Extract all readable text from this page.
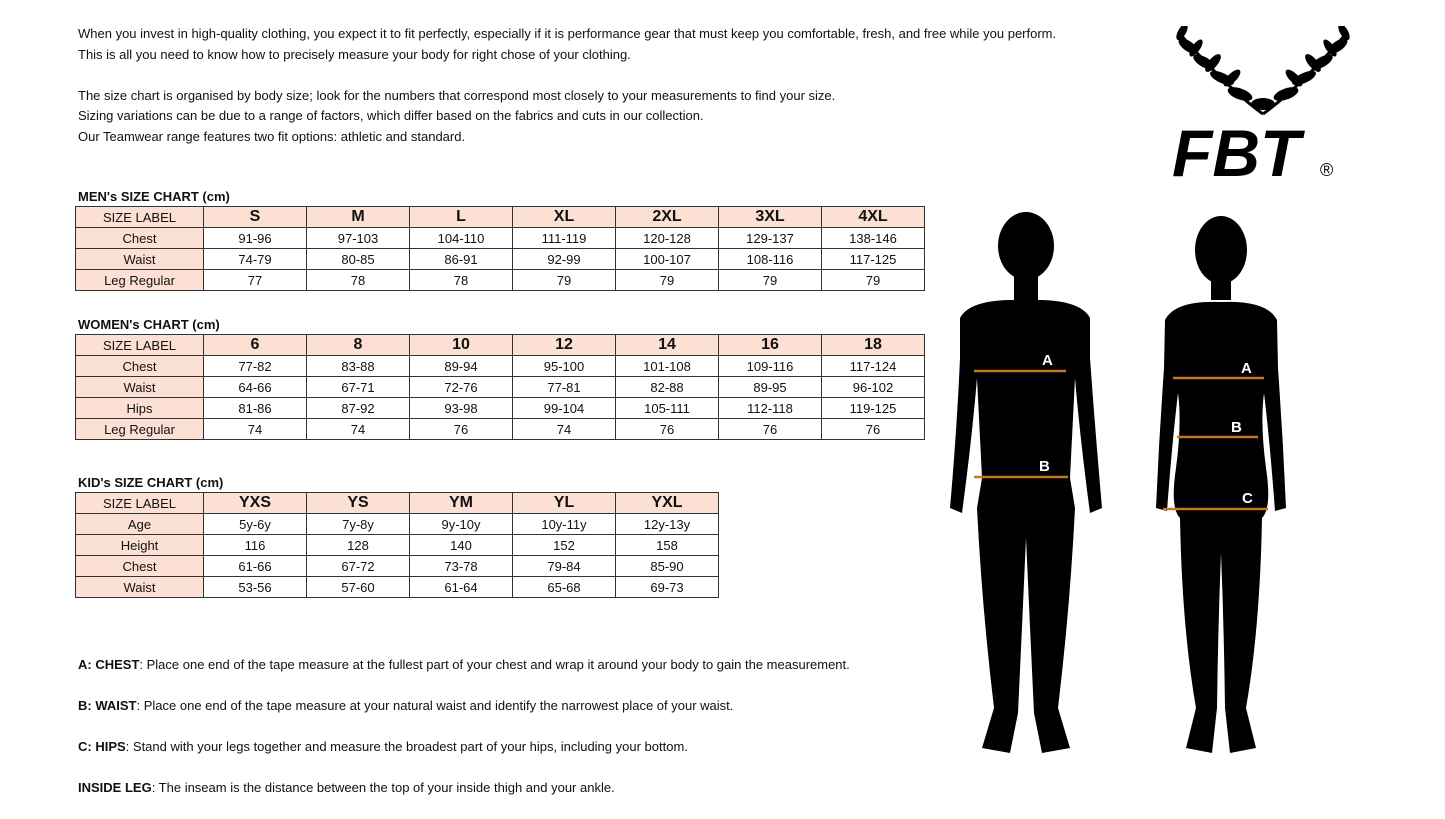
When you invest in high-quality clothing, you expect it to fit perfectly, especially if it is performance gear that must keep you comfortable, fresh, and free while you perform.

This is all you need to know how to precisely measure your body for right chose of your clothing.

The size chart is organised by body size; look for the numbers that correspond most closely to your measurements to find your size.

Sizing variations can be due to a range of factors, which differ based on the fabrics and cuts in our collection.

Our Teamwear range features two fit options: athletic and standard.	FBT ®
MEN's SIZE CHART (cm)
SIZE LABEL	S	M	L	XL	2XL	3XL	4XL
Chest	91-96	97-103	104-110	111-119	120-128	129-137	138-146
Waist	74-79	80-85	86-91	92-99	100-107	108-116	117-125
Leg Regular	77	78	78	79	79	79	79
WOMEN's CHART (cm)
SIZE LABEL	6	8	10	12	14	16	18
Chest	77-82	83-88	89-94	95-100	101-108	109-116	117-124
Waist	64-66	67-71	72-76	77-81	82-88	89-95	96-102
Hips	81-86	87-92	93-98	99-104	105-111	112-118	119-125
Leg Regular	74	74	76	74	76	76	76
KID's SIZE CHART (cm)
SIZE LABEL	YXS	YS	YM	YL	YXL
Age	5y-6y	7y-8y	9y-10y	10y-11y	12y-13y
Height	116	128	140	152	158
Chest	61-66	67-72	73-78	79-84	85-90
Waist	53-56	57-60	61-64	65-68	69-73

A: CHEST: Place one end of the tape measure at the fullest part of your chest and wrap it around your body to gain the measurement.

B: WAIST: Place one end of the tape measure at your natural waist and identify the narrowest place of your waist.

C: HIPS: Stand with your legs together and measure the broadest part of your hips, including your bottom.

INSIDE LEG: The inseam is the distance between the top of your inside thigh and your ankle.

A
B
A
B
C
